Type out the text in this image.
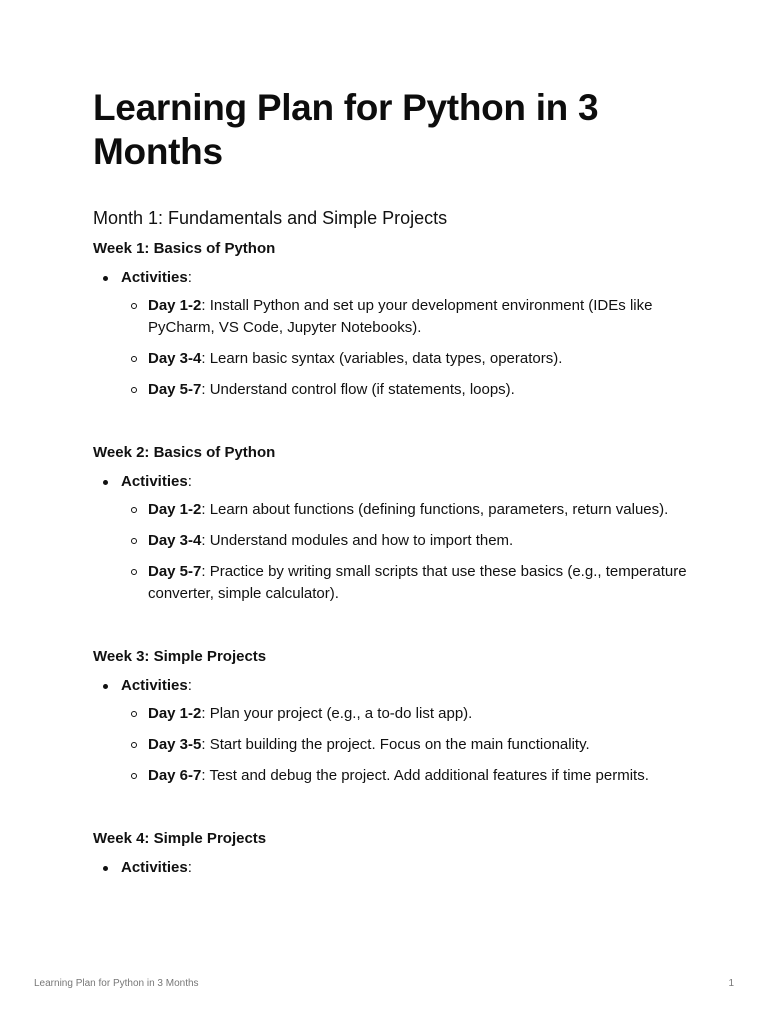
Learning Plan for Python in 3 Months
Month 1: Fundamentals and Simple Projects
Week 1: Basics of Python
Activities:
Day 1-2: Install Python and set up your development environment (IDEs like PyCharm, VS Code, Jupyter Notebooks).
Day 3-4: Learn basic syntax (variables, data types, operators).
Day 5-7: Understand control flow (if statements, loops).
Week 2: Basics of Python
Activities:
Day 1-2: Learn about functions (defining functions, parameters, return values).
Day 3-4: Understand modules and how to import them.
Day 5-7: Practice by writing small scripts that use these basics (e.g., temperature converter, simple calculator).
Week 3: Simple Projects
Activities:
Day 1-2: Plan your project (e.g., a to-do list app).
Day 3-5: Start building the project. Focus on the main functionality.
Day 6-7: Test and debug the project. Add additional features if time permits.
Week 4: Simple Projects
Activities:
Learning Plan for Python in 3 Months	1
